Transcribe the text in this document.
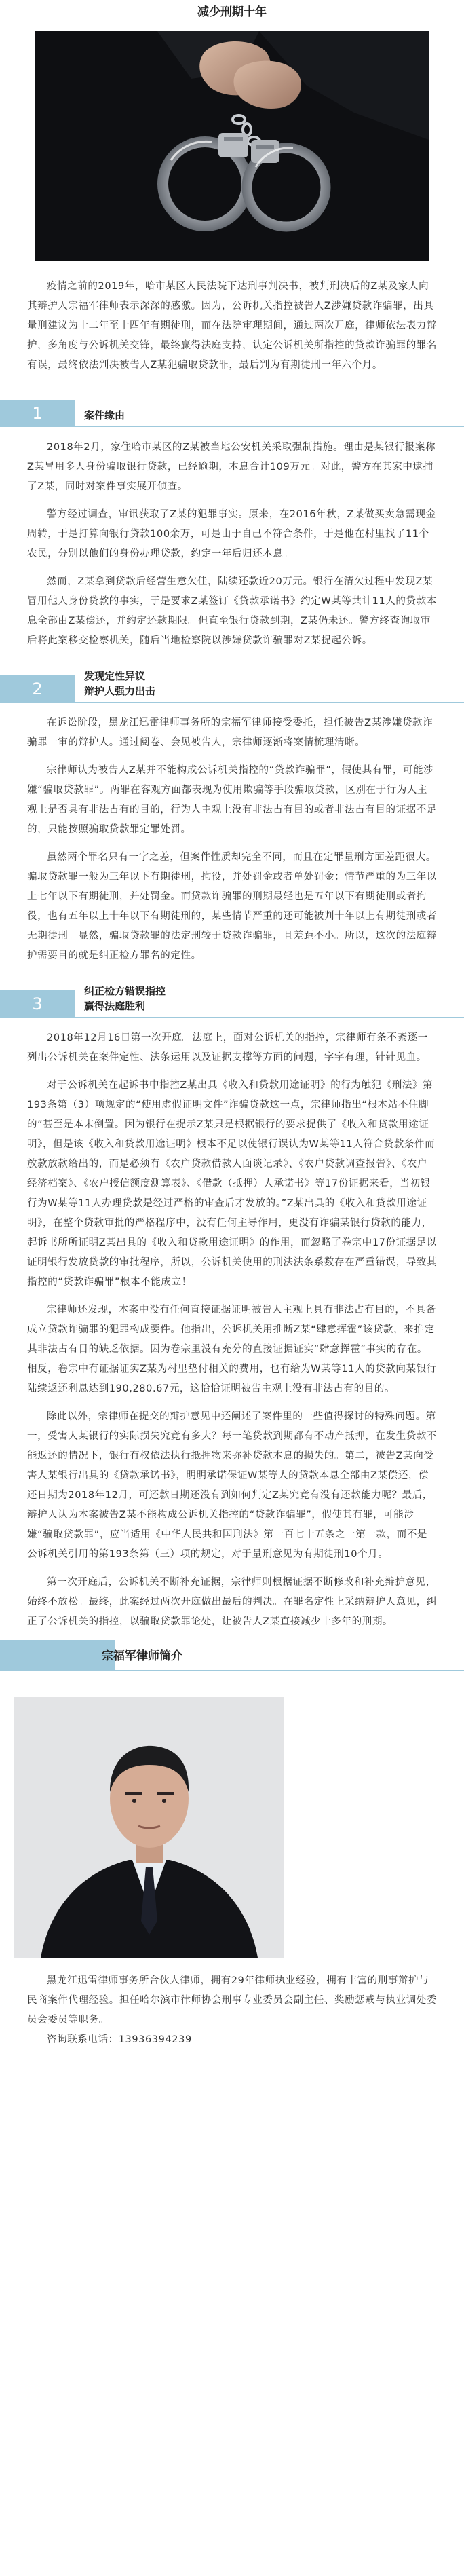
减少刑期十年
疫情之前的2019年，哈市某区人民法院下达刑事判决书，被判刑决后的Z某及家人向其辩护人宗福军律师表示深深的感激。因为，公诉机关指控被告人Z涉嫌贷款诈骗罪，出具量刑建议为十二年至十四年有期徒刑，而在法院审理期间，通过两次开庭，律师依法表力辩护，多角度与公诉机关交锋，最终赢得法庭支持，认定公诉机关所指控的贷款诈骗罪的罪名有误，最终依法判决被告人Z某犯骗取贷款罪，最后判为有期徒刑一年六个月。
1	案件缘由

2018年2月，家住哈市某区的Z某被当地公安机关采取强制措施。理由是某银行报案称Z某冒用多人身份骗取银行贷款，已经逾期，本息合计109万元。对此，警方在其家中逮捕了Z某，同时对案件事实展开侦查。

警方经过调查，审讯获取了Z某的犯罪事实。原来，在2016年秋，Z某做买卖急需现金周转，于是打算向银行贷款100余万，可是由于自己不符合条件，于是他在村里找了11个农民，分别以他们的身份办理贷款，约定一年后归还本息。

然而，Z某拿到贷款后经营生意欠佳，陆续还款近20万元。银行在清欠过程中发现Z某冒用他人身份贷款的事实，于是要求Z某签订《贷款承诺书》约定W某等共计11人的贷款本息全部由Z某偿还，并约定还款期限。但直至银行贷款到期，Z某仍未还。警方终查询取审后将此案移交检察机关，随后当地检察院以涉嫌贷款诈骗罪对Z某提起公诉。

2
发现定性异议
辩护人强力出击

在诉讼阶段，黑龙江迅雷律师事务所的宗福军律师接受委托，担任被告Z某涉嫌贷款诈骗罪一审的辩护人。通过阅卷、会见被告人，宗律师逐渐将案情梳理清晰。

宗律师认为被告人Z某并不能构成公诉机关指控的“贷款诈骗罪”，假使其有罪，可能涉嫌“骗取贷款罪”。两罪在客观方面都表现为使用欺骗等手段骗取贷款，区别在于行为人主观上是否具有非法占有的目的，行为人主观上没有非法占有目的或者非法占有目的证据不足的，只能按照骗取贷款罪定罪处罚。

虽然两个罪名只有一字之差，但案件性质却完全不同，而且在定罪量刑方面差距很大。骗取贷款罪一般为三年以下有期徒刑，拘役，并处罚金或者单处罚金；情节严重的为三年以上七年以下有期徒刑，并处罚金。而贷款诈骗罪的刑期最轻也是五年以下有期徒刑或者拘役，也有五年以上十年以下有期徒刑的，某些情节严重的还可能被判十年以上有期徒刑或者无期徒刑。显然，骗取贷款罪的法定刑较于贷款诈骗罪，且差距不小。所以，这次的法庭辩护需要目的就是纠正检方罪名的定性。

3
纠正检方错误指控
赢得法庭胜利

2018年12月16日第一次开庭。法庭上，面对公诉机关的指控，宗律师有条不紊逐一列出公诉机关在案件定性、法条运用以及证据支撑等方面的问题，字字有理，针针见血。

对于公诉机关在起诉书中指控Z某出具《收入和贷款用途证明》的行为触犯《刑法》第193条第（3）项规定的“使用虚假证明文件”诈骗贷款这一点，宗律师指出“根本站不住脚的”甚至是本末倒置。因为银行在提示Z某只是根据银行的要求提供了《收入和贷款用途证明》，但是该《收入和贷款用途证明》根本不足以使银行误认为W某等11人符合贷款条件而放款放款给出的，而是必须有《农户贷款借款人面谈记录》、《农户贷款调查报告》、《农户经济档案》、《农户授信额度测算表》、《借款（抵押）人承诺书》等17份证据来看，当初银行为W某等11人办理贷款是经过严格的审查后才发放的。”Z某出具的《收入和贷款用途证明》，在整个贷款审批的严格程序中，没有任何主导作用，更没有诈骗某银行贷款的能力，起诉书所所证明Z某出具的《收入和贷款用途证明》的作用，而忽略了卷宗中17份证据足以证明银行发放贷款的审批程序，所以，公诉机关使用的刑法法条系数存在严重错误，导致其指控的“贷款诈骗罪”根本不能成立！

宗律师还发现，本案中没有任何直接证据证明被告人主观上具有非法占有目的，不具备成立贷款诈骗罪的犯罪构成要件。他指出，公诉机关用推断Z某“肆意挥霍”该贷款，来推定其非法占有目的缺乏依据。因为卷宗里没有充分的直接证据证实“肆意挥霍”事实的存在。相反，卷宗中有证据证实Z某为村里垫付相关的费用，也有给为W某等11人的贷款向某银行陆续返还利息达到190,280.67元，这恰恰证明被告主观上没有非法占有的目的。

除此以外，宗律师在提交的辩护意见中还阐述了案件里的一些值得探讨的特殊问题。第一，受害人某银行的实际损失究竟有多大？每一笔贷款到期都有不动产抵押，在发生贷款不能返还的情况下，银行有权依法执行抵押物来弥补贷款本息的损失的。第二，被告Z某向受害人某银行出具的《贷款承诺书》，明明承诺保证W某等人的贷款本息全部由Z某偿还，偿还日期为2018年12月，可还款日期还没有到如何判定Z某究竟有没有还款能力呢？最后，辩护人认为本案被告Z某不能构成公诉机关指控的“贷款诈骗罪”，假使其有罪，可能涉嫌“骗取贷款罪”，应当适用《中华人民共和国刑法》第一百七十五条之一第一款，而不是公诉机关引用的第193条第（三）项的规定，对于量刑意见为有期徒刑10个月。

第一次开庭后，公诉机关不断补充证据，宗律师则根据证据不断修改和补充辩护意见，始终不放松。最终，此案经过两次开庭做出最后的判决。在罪名定性上采纳辩护人意见，纠正了公诉机关的指控，以骗取贷款罪论处，让被告人Z某直接减少十多年的刑期。

宗福军律师简介
黑龙江迅雷律师事务所合伙人律师，拥有29年律师执业经验，拥有丰富的刑事辩护与民商案件代理经验。担任哈尔滨市律师协会刑事专业委员会副主任、奖励惩戒与执业调处委员会委员等职务。
咨询联系电话：13936394239
